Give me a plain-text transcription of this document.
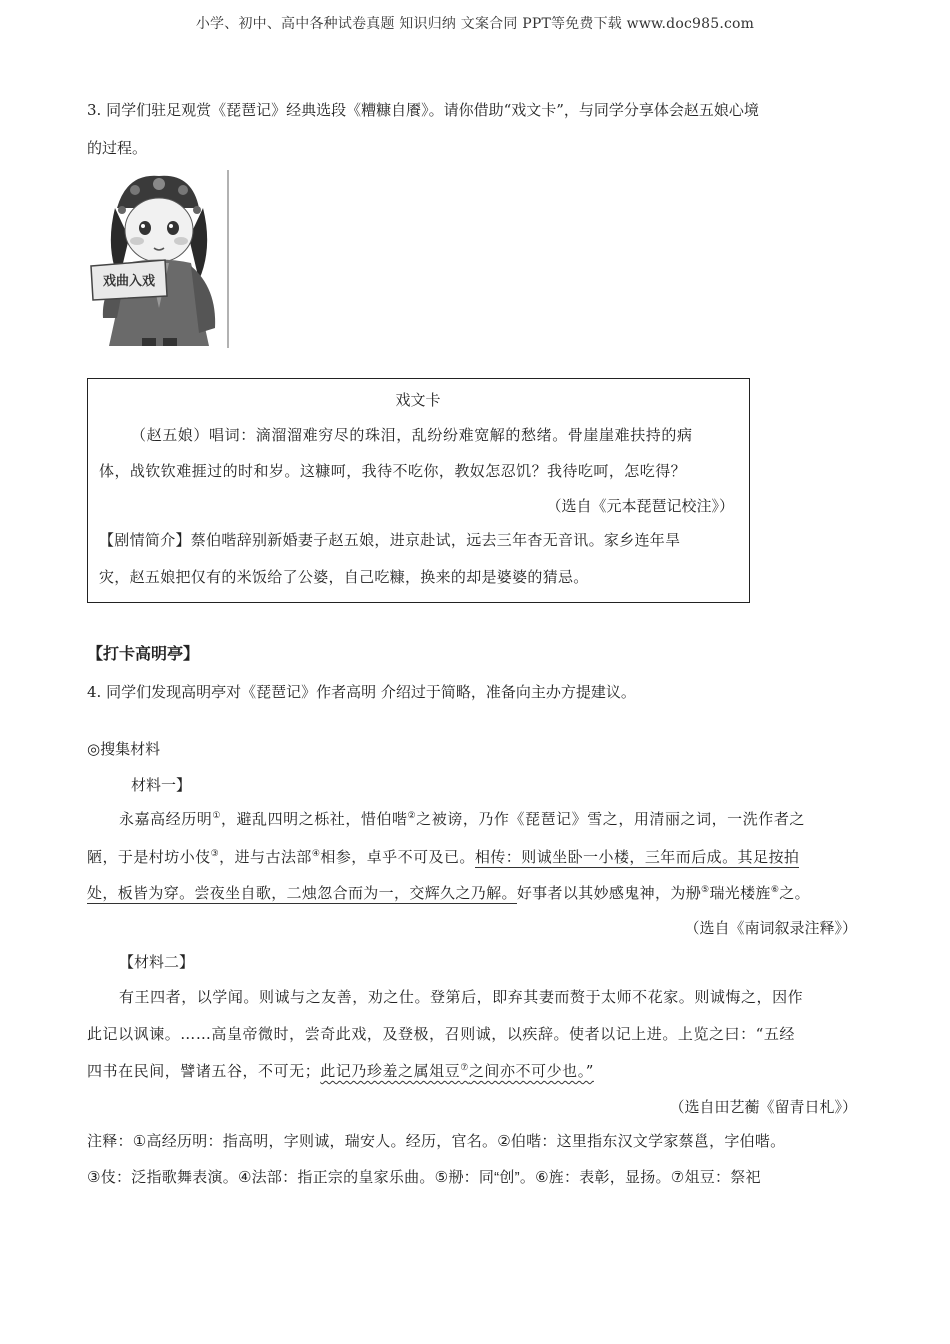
小学、初中、高中各种试卷真题 知识归纳 文案合同 PPT等免费下载 www.doc985.com
3. 同学们驻足观赏《琵琶记》经典选段《糟糠自餍》。请你借助“戏文卡”，与同学分享体会赵五娘心境
的过程。
戏曲入戏
戏文卡
（赵五娘）唱词：滴溜溜难穷尽的珠泪，乱纷纷难宽解的愁绪。骨崖崖难扶持的病
体，战钦钦难捱过的时和岁。这糠呵，我待不吃你，教奴怎忍饥？我待吃呵，怎吃得？
（选自《元本琵琶记校注》）
【剧情简介】蔡伯喈辞别新婚妻子赵五娘，进京赴试，远去三年杳无音讯。家乡连年旱
灾，赵五娘把仅有的米饭给了公婆，自己吃糠，换来的却是婆婆的猜忌。
【打卡高明亭】
4. 同学们发现高明亭对《琵琶记》作者高明 介绍过于简略，准备向主办方提建议。
◎搜集材料
材料一】
永嘉高经历明①，避乱四明之栎社，惜伯喈②之被谤，乃作《琵琶记》雪之，用清丽之词，一洗作者之
陋，于是村坊小伎③，进与古法部④相参，卓乎不可及已。相传：则诚坐卧一小楼，三年而后成。其足按拍
处，板皆为穿。尝夜坐自歌，二烛忽合而为一，交辉久之乃解。好事者以其妙感鬼神，为剙⑤瑞光楼旌⑥之。
（选自《南词叙录注释》）
【材料二】
有王四者，以学闻。则诚与之友善，劝之仕。登第后，即弃其妻而赘于太师不花家。则诚悔之，因作
此记以讽谏。……高皇帝微时，尝奇此戏，及登极，召则诚，以疾辞。使者以记上进。上览之曰：“五经
四书在民间，譬诸五谷，不可无；此记乃珍羞之属俎豆⑦之间亦不可少也。”
（选自田艺蘅《留青日札》）
注释：①高经历明：指高明，字则诚，瑞安人。经历，官名。②伯喈：这里指东汉文学家蔡邕，字伯喈。
③伎：泛指歌舞表演。④法部：指正宗的皇家乐曲。⑤剙：同“创”。⑥旌：表彰，显扬。⑦俎豆：祭祀
